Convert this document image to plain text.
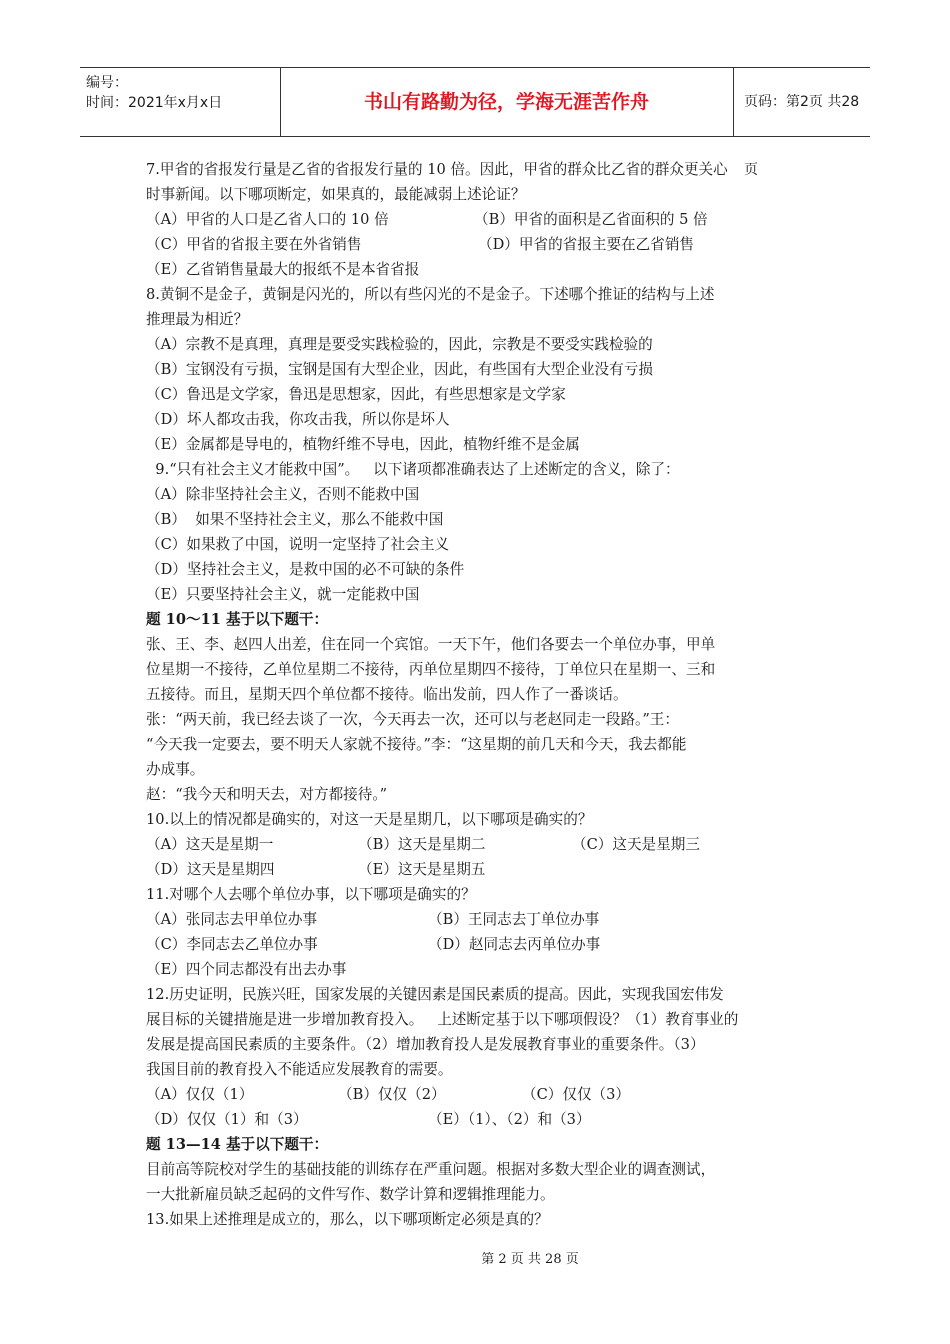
编号：
时间：2021年x月x日	书山有路勤为径，学海无涯苦作舟	页码：第2页 共28页
7.甲省的省报发行量是乙省的省报发行量的 10 倍。因此，甲省的群众比乙省的群众更关心
时事新闻。以下哪项断定，如果真的，最能减弱上述论证？

（A）甲省的人口是乙省人口的 10 倍

	（B）甲省的面积是乙省面积的 5 倍

（C）甲省的省报主要在外省销售

	（D）甲省的省报主要在乙省销售

（E）乙省销售量最大的报纸不是本省省报
8.黄铜不是金子，黄铜是闪光的，所以有些闪光的不是金子。下述哪个推证的结构与上述
推理最为相近？
（A）宗教不是真理，真理是要受实践检验的，因此，宗教是不要受实践检验的
（B）宝钢没有亏损，宝钢是国有大型企业，因此，有些国有大型企业没有亏损
（C）鲁迅是文学家，鲁迅是思想家，因此，有些思想家是文学家
（D）坏人都攻击我，你攻击我，所以你是坏人
（E）金属都是导电的，植物纤维不导电，因此，植物纤维不是金属
9.“只有社会主义才能救中国”。   以下诸项都准确表达了上述断定的含义，除了：
（A）除非坚持社会主义，否则不能救中国
（B）  如果不坚持社会主义，那么不能救中国
（C）如果救了中国，说明一定坚持了社会主义
（D）坚持社会主义，是救中国的必不可缺的条件
（E）只要坚持社会主义，就一定能救中国
题 10～11 基于以下题干：
张、王、李、赵四人出差，住在同一个宾馆。一天下午，他们各要去一个单位办事，甲单
位星期一不接待，乙单位星期二不接待，丙单位星期四不接待，丁单位只在星期一、三和
五接待。而且，星期天四个单位都不接待。临出发前，四人作了一番谈话。
张：“两天前，我已经去谈了一次，今天再去一次，还可以与老赵同走一段路。”王：
“今天我一定要去，要不明天人家就不接待。”李：“这星期的前几天和今天，我去都能
办成事。
赵：“我今天和明天去，对方都接待。”
10.以上的情况都是确实的，对这一天是星期几，以下哪项是确实的？

（A）这天是星期一

	（B）这天是星期二

	（C）这天是星期三

（D）这天是星期四

	（E）这天是星期五

11.对哪个人去哪个单位办事，以下哪项是确实的？

（A）张同志去甲单位办事

	（B）王同志去丁单位办事

（C）李同志去乙单位办事

	（D）赵同志去丙单位办事

（E）四个同志都没有出去办事
12.历史证明，民族兴旺，国家发展的关键因素是国民素质的提高。因此，实现我国宏伟发
展目标的关键措施是进一步增加教育投入。   上述断定基于以下哪项假设？（1）教育事业的
发展是提高国民素质的主要条件。（2）增加教育投人是发展教育事业的重要条件。（3）
我国目前的教育投入不能适应发展教育的需要。

（A）仅仅（1）

	（B）仅仅（2）

	（C）仅仅（3）

（D）仅仅（1）和（3）

	（E）（1）、（2）和（3）

题 13—14 基于以下题干：
目前高等院校对学生的基础技能的训练存在严重问题。根据对多数大型企业的调查测试，
一大批新雇员缺乏起码的文件写作、数学计算和逻辑推理能力。
13.如果上述推理是成立的，那么，以下哪项断定必须是真的？
第 2 页 共 28 页
